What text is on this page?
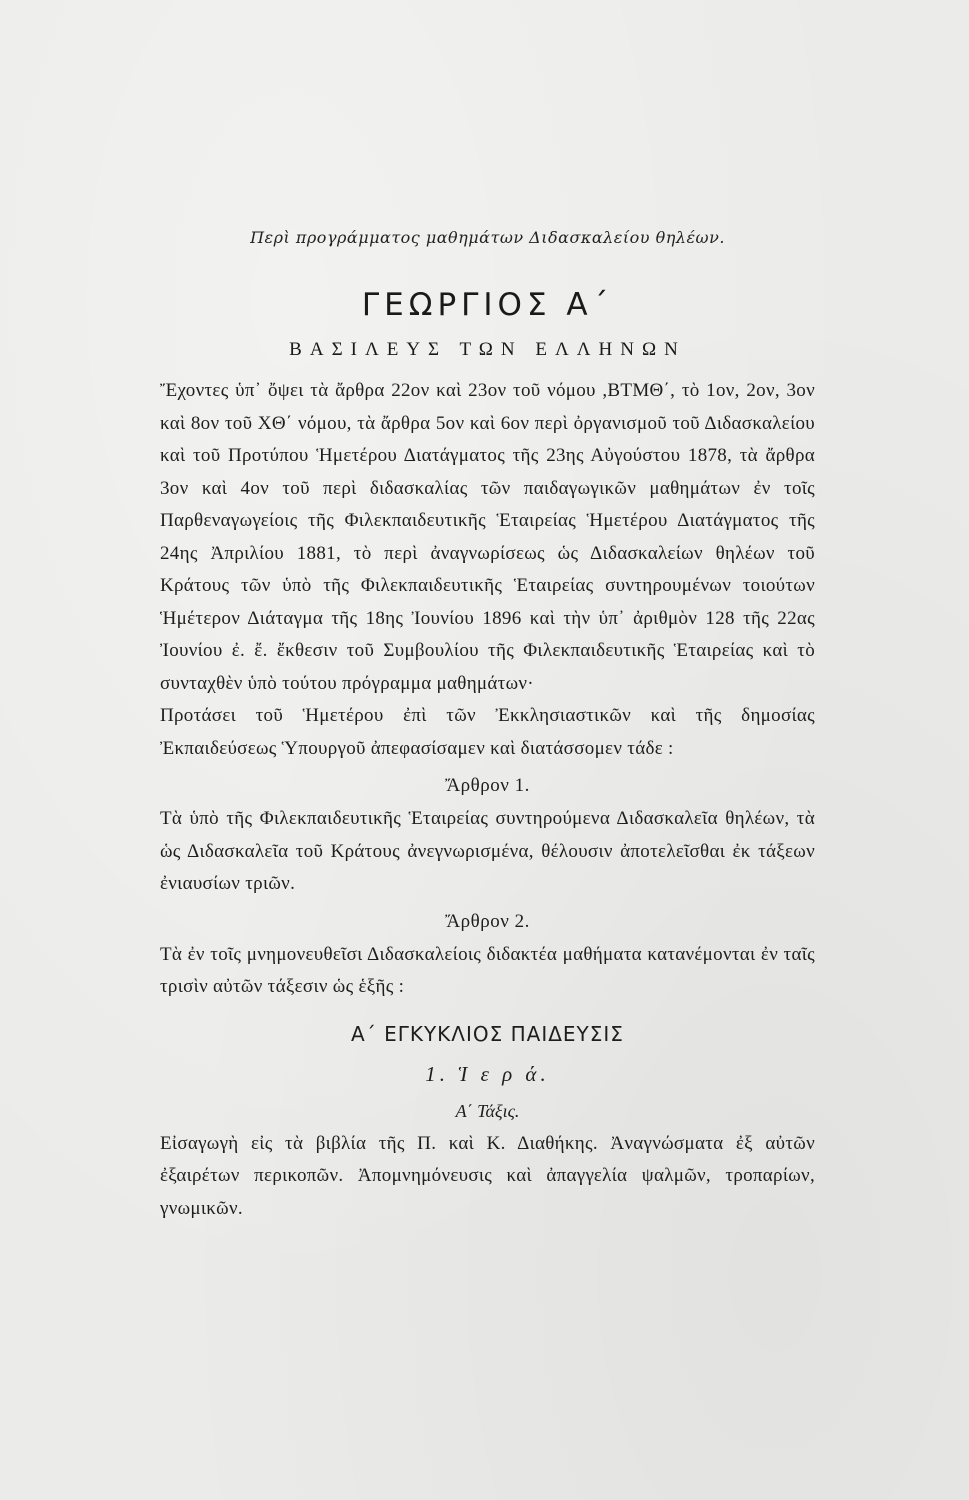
Περὶ προγράμματος μαθημάτων Διδασκαλείου θηλέων.

ΓΕΩΡΓΙΟΣ Α΄
ΒΑΣΙΛΕΥΣ ΤΩΝ ΕΛΛΗΝΩΝ

Ἔχοντες ὑπ᾽ ὄψει τὰ ἄρθρα 22ον καὶ 23ον τοῦ νόμου ,ΒΤΜΘ΄, τὸ 1ον, 2ον, 3ον καὶ 8ον τοῦ ΧΘ΄ νόμου, τὰ ἄρθρα 5ον καὶ 6ον περὶ ὀργανισμοῦ τοῦ Διδασκαλείου καὶ τοῦ Προτύπου Ἡμετέρου Διατάγματος τῆς 23ης Αὐγούστου 1878, τὰ ἄρθρα 3ον καὶ 4ον τοῦ περὶ διδασκαλίας τῶν παιδαγωγικῶν μαθημάτων ἐν τοῖς Παρθεναγωγείοις τῆς Φιλεκπαιδευτικῆς Ἑταιρείας Ἡμετέρου Διατάγματος τῆς 24ης Ἀπριλίου 1881, τὸ περὶ ἀναγνωρίσεως ὡς Διδασκαλείων θηλέων τοῦ Κράτους τῶν ὑπὸ τῆς Φιλεκπαιδευτικῆς Ἑταιρείας συντηρουμένων τοιούτων Ἡμέτερον Διάταγμα τῆς 18ης Ἰουνίου 1896 καὶ τὴν ὑπ᾽ ἀριθμὸν 128 τῆς 22ας Ἰουνίου ἐ. ἔ. ἔκθεσιν τοῦ Συμβουλίου τῆς Φιλεκπαιδευτικῆς Ἑταιρείας καὶ τὸ συνταχθὲν ὑπὸ τούτου πρόγραμμα μαθημάτων·

Προτάσει τοῦ Ἡμετέρου ἐπὶ τῶν Ἐκκλησιαστικῶν καὶ τῆς δημοσίας Ἐκπαιδεύσεως Ὑπουργοῦ ἀπεφασίσαμεν καὶ διατάσσομεν τάδε :

Ἄρθρον 1.

Τὰ ὑπὸ τῆς Φιλεκπαιδευτικῆς Ἑταιρείας συντηρούμενα Διδασκαλεῖα θηλέων, τὰ ὡς Διδασκαλεῖα τοῦ Κράτους ἀνεγνωρισμένα, θέλουσιν ἀποτελεῖσθαι ἐκ τάξεων ἐνιαυσίων τριῶν.

Ἄρθρον 2.

Τὰ ἐν τοῖς μνημονευθεῖσι Διδασκαλείοις διδακτέα μαθήματα κατανέμονται ἐν ταῖς τρισὶν αὐτῶν τάξεσιν ὡς ἑξῆς :

Α΄ ΕΓΚΥΚΛΙΟΣ ΠΑΙΔΕΥΣΙΣ
1. Ἱ ε ρ ά.
Α΄ Τάξις.

Εἰσαγωγὴ εἰς τὰ βιβλία τῆς Π. καὶ Κ. Διαθήκης. Ἀναγνώσματα ἐξ αὐτῶν ἐξαιρέτων περικοπῶν. Ἀπομνημόνευσις καὶ ἀπαγγελία ψαλμῶν, τροπαρίων, γνωμικῶν.
